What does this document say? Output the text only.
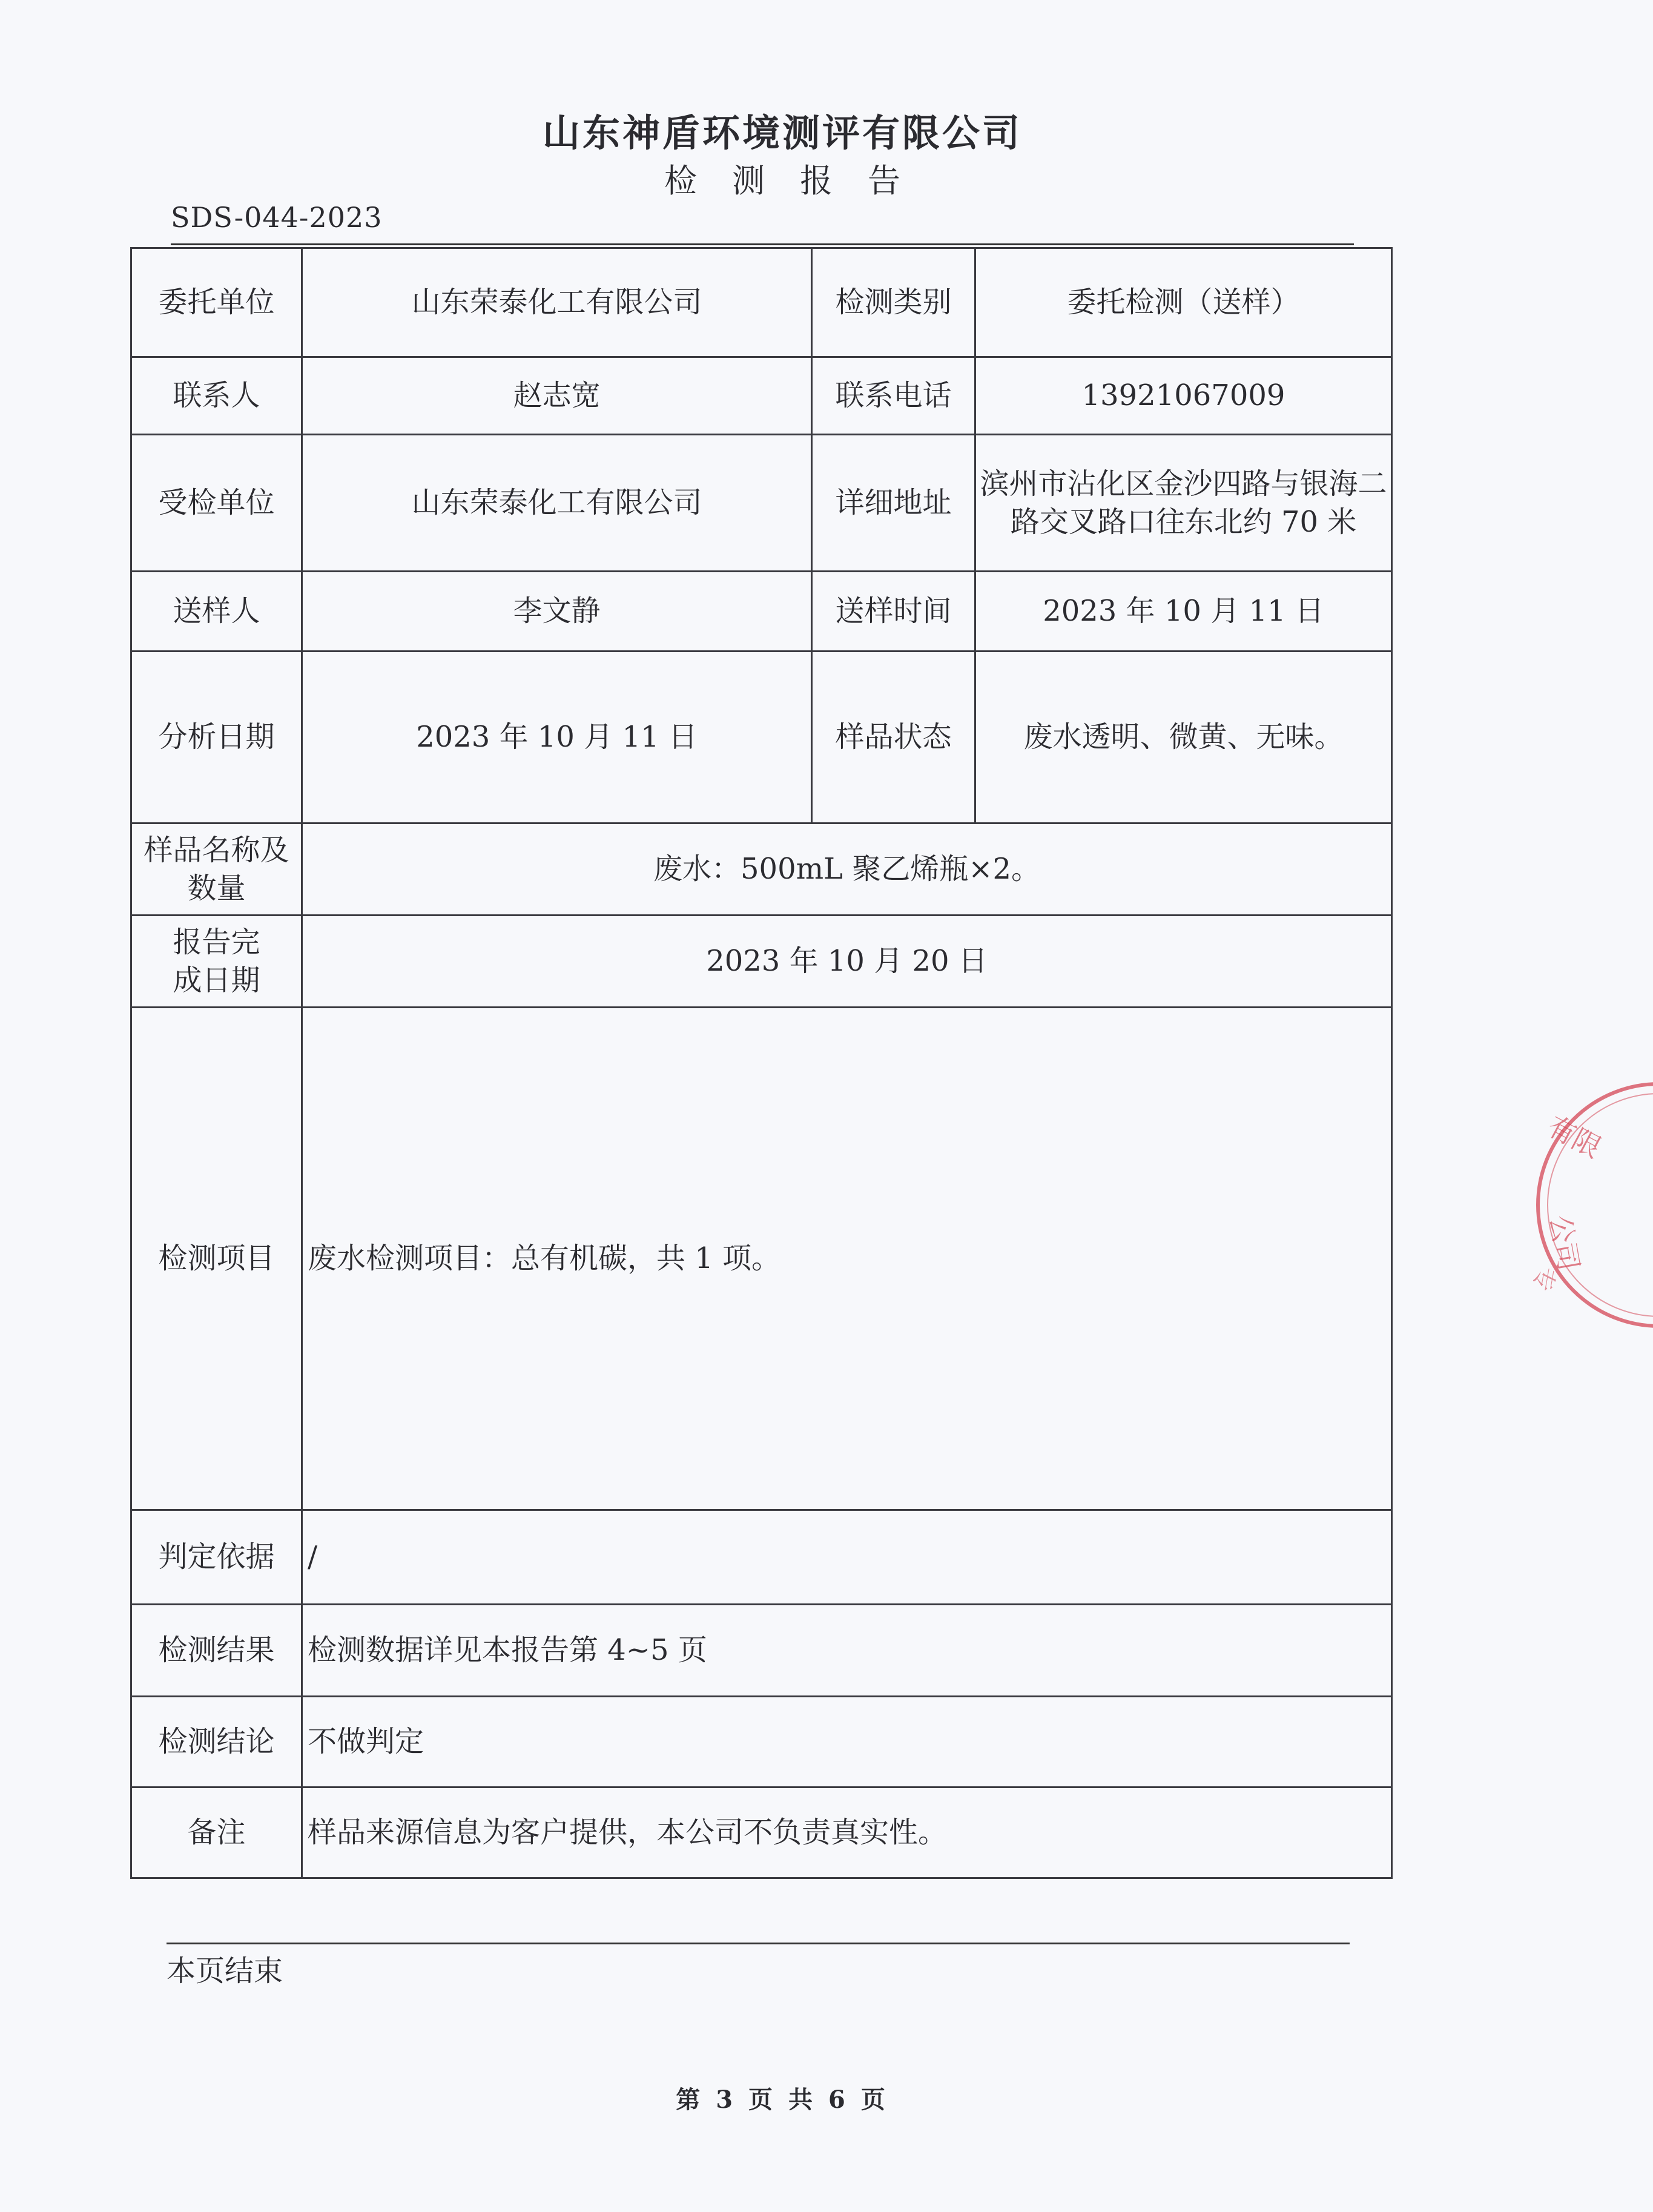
山东神盾环境测评有限公司
检测报告
SDS-044-2023
委托单位	山东荣泰化工有限公司	检测类别	委托检测（送样）
联系人	赵志宽	联系电话	13921067009
受检单位	山东荣泰化工有限公司	详细地址	滨州市沾化区金沙四路与银海二路交叉路口往东北约 70 米
送样人	李文静	送样时间	2023 年 10 月 11 日
分析日期	2023 年 10 月 11 日	样品状态	废水透明、微黄、无味。
样品名称及数量	废水：500mL 聚乙烯瓶×2。		
报告完成日期	2023 年 10 月 20 日		
检测项目	废水检测项目：总有机碳，共 1 项。		
判定依据	/		
检测结果	检测数据详见本报告第 4~5 页		
检测结论	不做判定		
备注	样品来源信息为客户提供，本公司不负责真实性。		
本页结束
第 3 页 共 6 页
有限
公司
专
